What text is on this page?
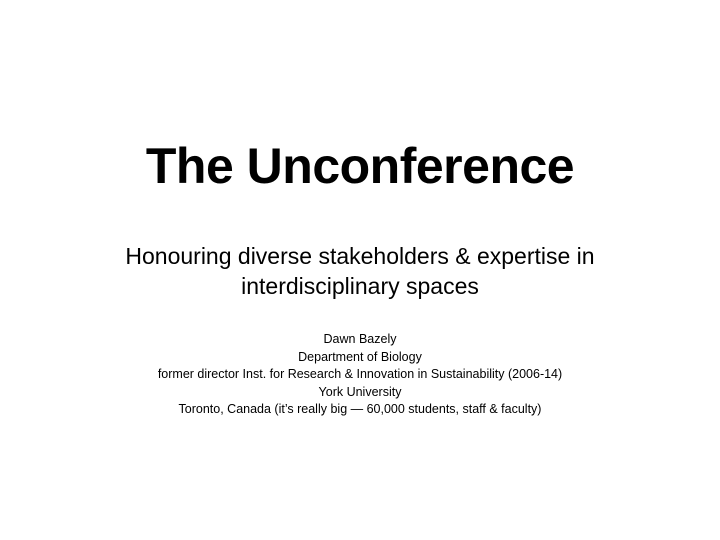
The Unconference
Honouring diverse stakeholders & expertise in
interdisciplinary spaces
Dawn Bazely
Department of Biology
former director Inst. for Research & Innovation in Sustainability (2006-14)
York University
Toronto, Canada (it’s really big — 60,000 students, staff & faculty)
